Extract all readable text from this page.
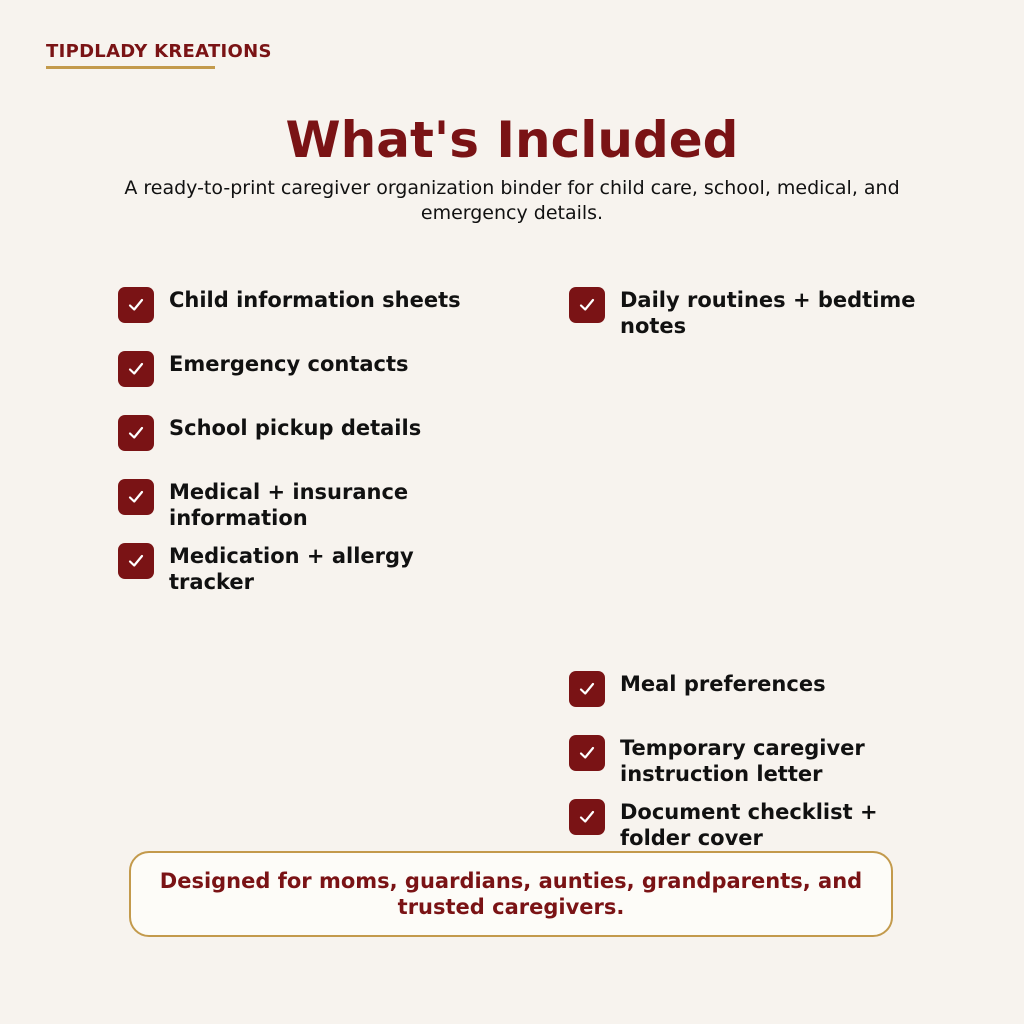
TIPDLADY KREATIONS
What's Included
A ready-to-print caregiver organization binder for child care, school, medical, and emergency details.
Child information sheets
Emergency contacts
School pickup details
Medical + insurance information
Medication + allergy tracker
Daily routines + bedtime notes
Meal preferences
Temporary caregiver instruction letter
Document checklist + folder cover
Designed for moms, guardians, aunties, grandparents, and trusted caregivers.
